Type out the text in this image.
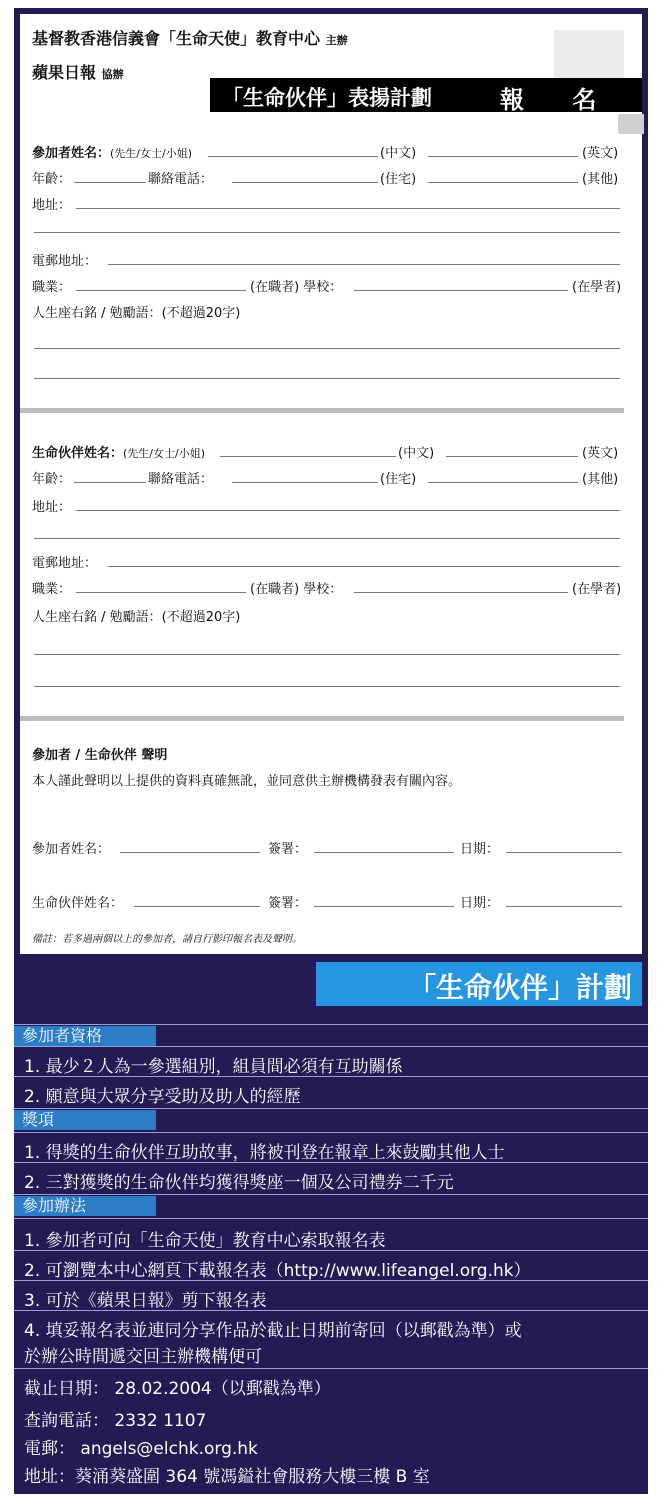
基督教香港信義會「生命天使」教育中心 主辦
蘋果日報 協辦
「生命伙伴」表揚計劃	報 名 表
參加者姓名：(先生/女士/小姐)	(中文)	(英文)
年齡：	聯絡電話：	(住宅)	(其他)
地址：
電郵地址：
職業：	(在職者) 學校：	(在學者)
人生座右銘 / 勉勵語：(不超過20字)
生命伙伴姓名：(先生/女士/小姐)	(中文)	(英文)
年齡：	聯絡電話：	(住宅)	(其他)
地址：
電郵地址：
職業：	(在職者) 學校：	(在學者)
人生座右銘 / 勉勵語：(不超過20字)
參加者 / 生命伙伴 聲明
本人謹此聲明以上提供的資料真確無訛，並同意供主辦機構發表有關內容。
參加者姓名：	簽署：	日期：
生命伙伴姓名：	簽署：	日期：
備註：若多過兩個以上的參加者，請自行影印報名表及聲明。
「生命伙伴」計劃
參加者資格
1. 最少２人為一參選組別，組員間必須有互助關係
2. 願意與大眾分享受助及助人的經歷
獎項
1. 得獎的生命伙伴互助故事，將被刊登在報章上來鼓勵其他人士
2. 三對獲獎的生命伙伴均獲得獎座一個及公司禮券二千元
參加辦法
1. 參加者可向「生命天使」教育中心索取報名表
2. 可瀏覽本中心網頁下載報名表（http://www.lifeangel.org.hk）
3. 可於《蘋果日報》剪下報名表
4. 填妥報名表並連同分享作品於截止日期前寄回（以郵戳為準）或
於辦公時間遞交回主辦機構便可
截止日期： 28.02.2004（以郵戳為準）
查詢電話： 2332 1107
電郵： angels@elchk.org.hk
地址：葵涌葵盛圍 364 號馮鎰社會服務大樓三樓 B 室
